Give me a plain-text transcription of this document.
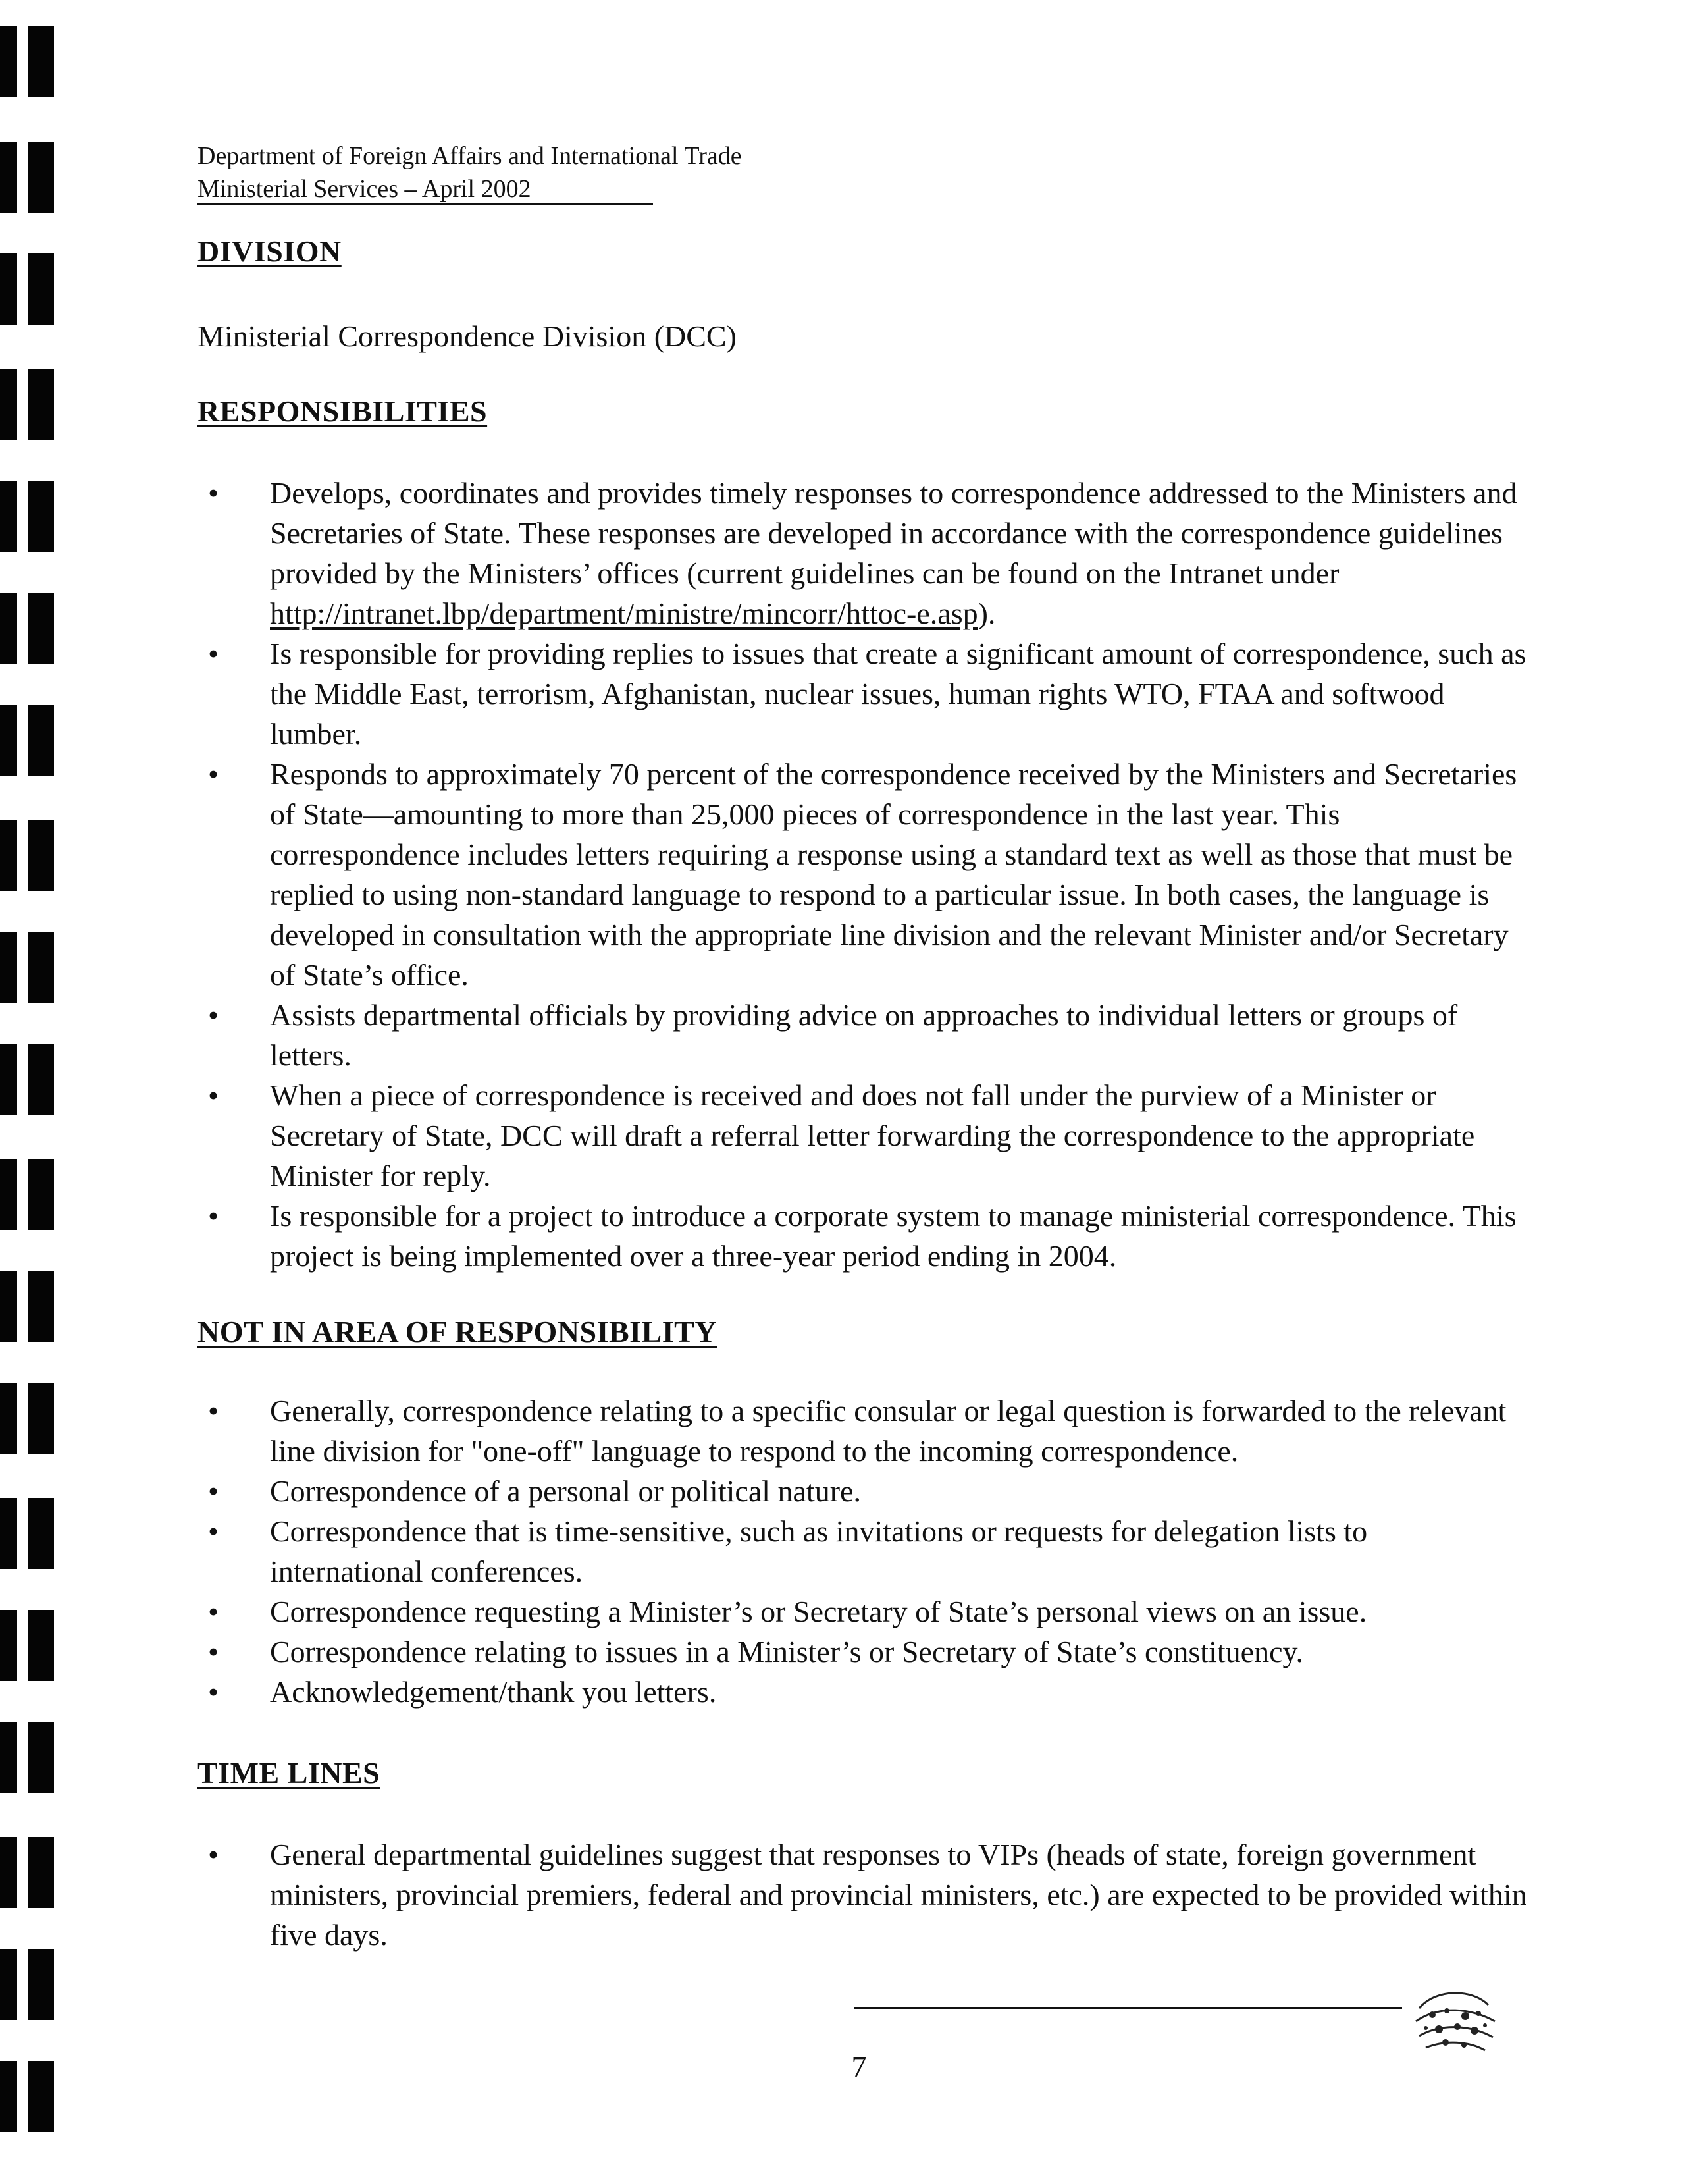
Department of Foreign Affairs and International Trade
Ministerial Services – April 2002
DIVISION
Ministerial Correspondence Division (DCC)
RESPONSIBILITIES
• Develops, coordinates and provides timely responses to correspondence addressed to the Ministers and Secretaries of State. These responses are developed in accordance with the correspondence guidelines provided by the Ministers’ offices (current guidelines can be found on the Intranet under http://intranet.lbp/department/ministre/mincorr/httoc-e.asp).
• Is responsible for providing replies to issues that create a significant amount of correspondence, such as the Middle East, terrorism, Afghanistan, nuclear issues, human rights WTO, FTAA and softwood lumber.
• Responds to approximately 70 percent of the correspondence received by the Ministers and Secretaries of State—amounting to more than 25,000 pieces of correspondence in the last year. This correspondence includes letters requiring a response using a standard text as well as those that must be replied to using non-standard language to respond to a particular issue. In both cases, the language is developed in consultation with the appropriate line division and the relevant Minister and/or Secretary of State’s office.
• Assists departmental officials by providing advice on approaches to individual letters or groups of letters.
• When a piece of correspondence is received and does not fall under the purview of a Minister or Secretary of State, DCC will draft a referral letter forwarding the correspondence to the appropriate Minister for reply.
• Is responsible for a project to introduce a corporate system to manage ministerial correspondence. This project is being implemented over a three-year period ending in 2004.
NOT IN AREA OF RESPONSIBILITY
• Generally, correspondence relating to a specific consular or legal question is forwarded to the relevant line division for "one-off" language to respond to the incoming correspondence.
• Correspondence of a personal or political nature.
• Correspondence that is time-sensitive, such as invitations or requests for delegation lists to international conferences.
• Correspondence requesting a Minister’s or Secretary of State’s personal views on an issue.
• Correspondence relating to issues in a Minister’s or Secretary of State’s constituency.
• Acknowledgement/thank you letters.
TIME LINES
• General departmental guidelines suggest that responses to VIPs (heads of state, foreign government ministers, provincial premiers, federal and provincial ministers, etc.) are expected to be provided within five days.
7
